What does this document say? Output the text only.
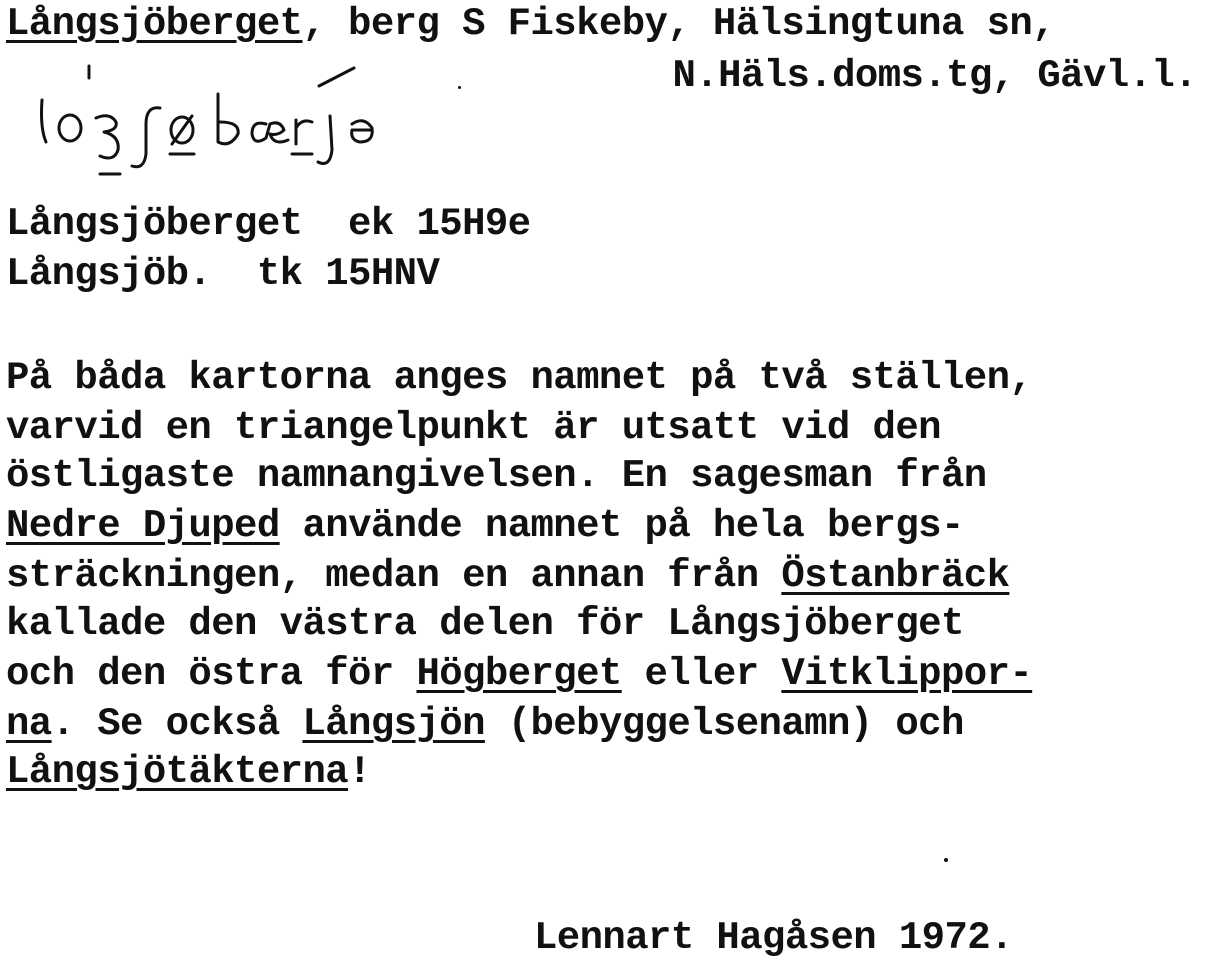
Långsjöberget, berg S Fiskeby, Hälsingtuna sn,
N.Häls.doms.tg, Gävl.l.
Långsjöberget  ek 15H9e
Långsjöb.  tk 15HNV
På båda kartorna anges namnet på två ställen,
varvid en triangelpunkt är utsatt vid den
östligaste namnangivelsen. En sagesman från
Nedre Djuped använde namnet på hela bergs-
sträckningen, medan en annan från Östanbräck
kallade den västra delen för Långsjöberget
och den östra för Högberget eller Vitklippor-
na. Se också Långsjön (bebyggelsenamn) och
Långsjötäkterna!
Lennart Hagåsen 1972.
